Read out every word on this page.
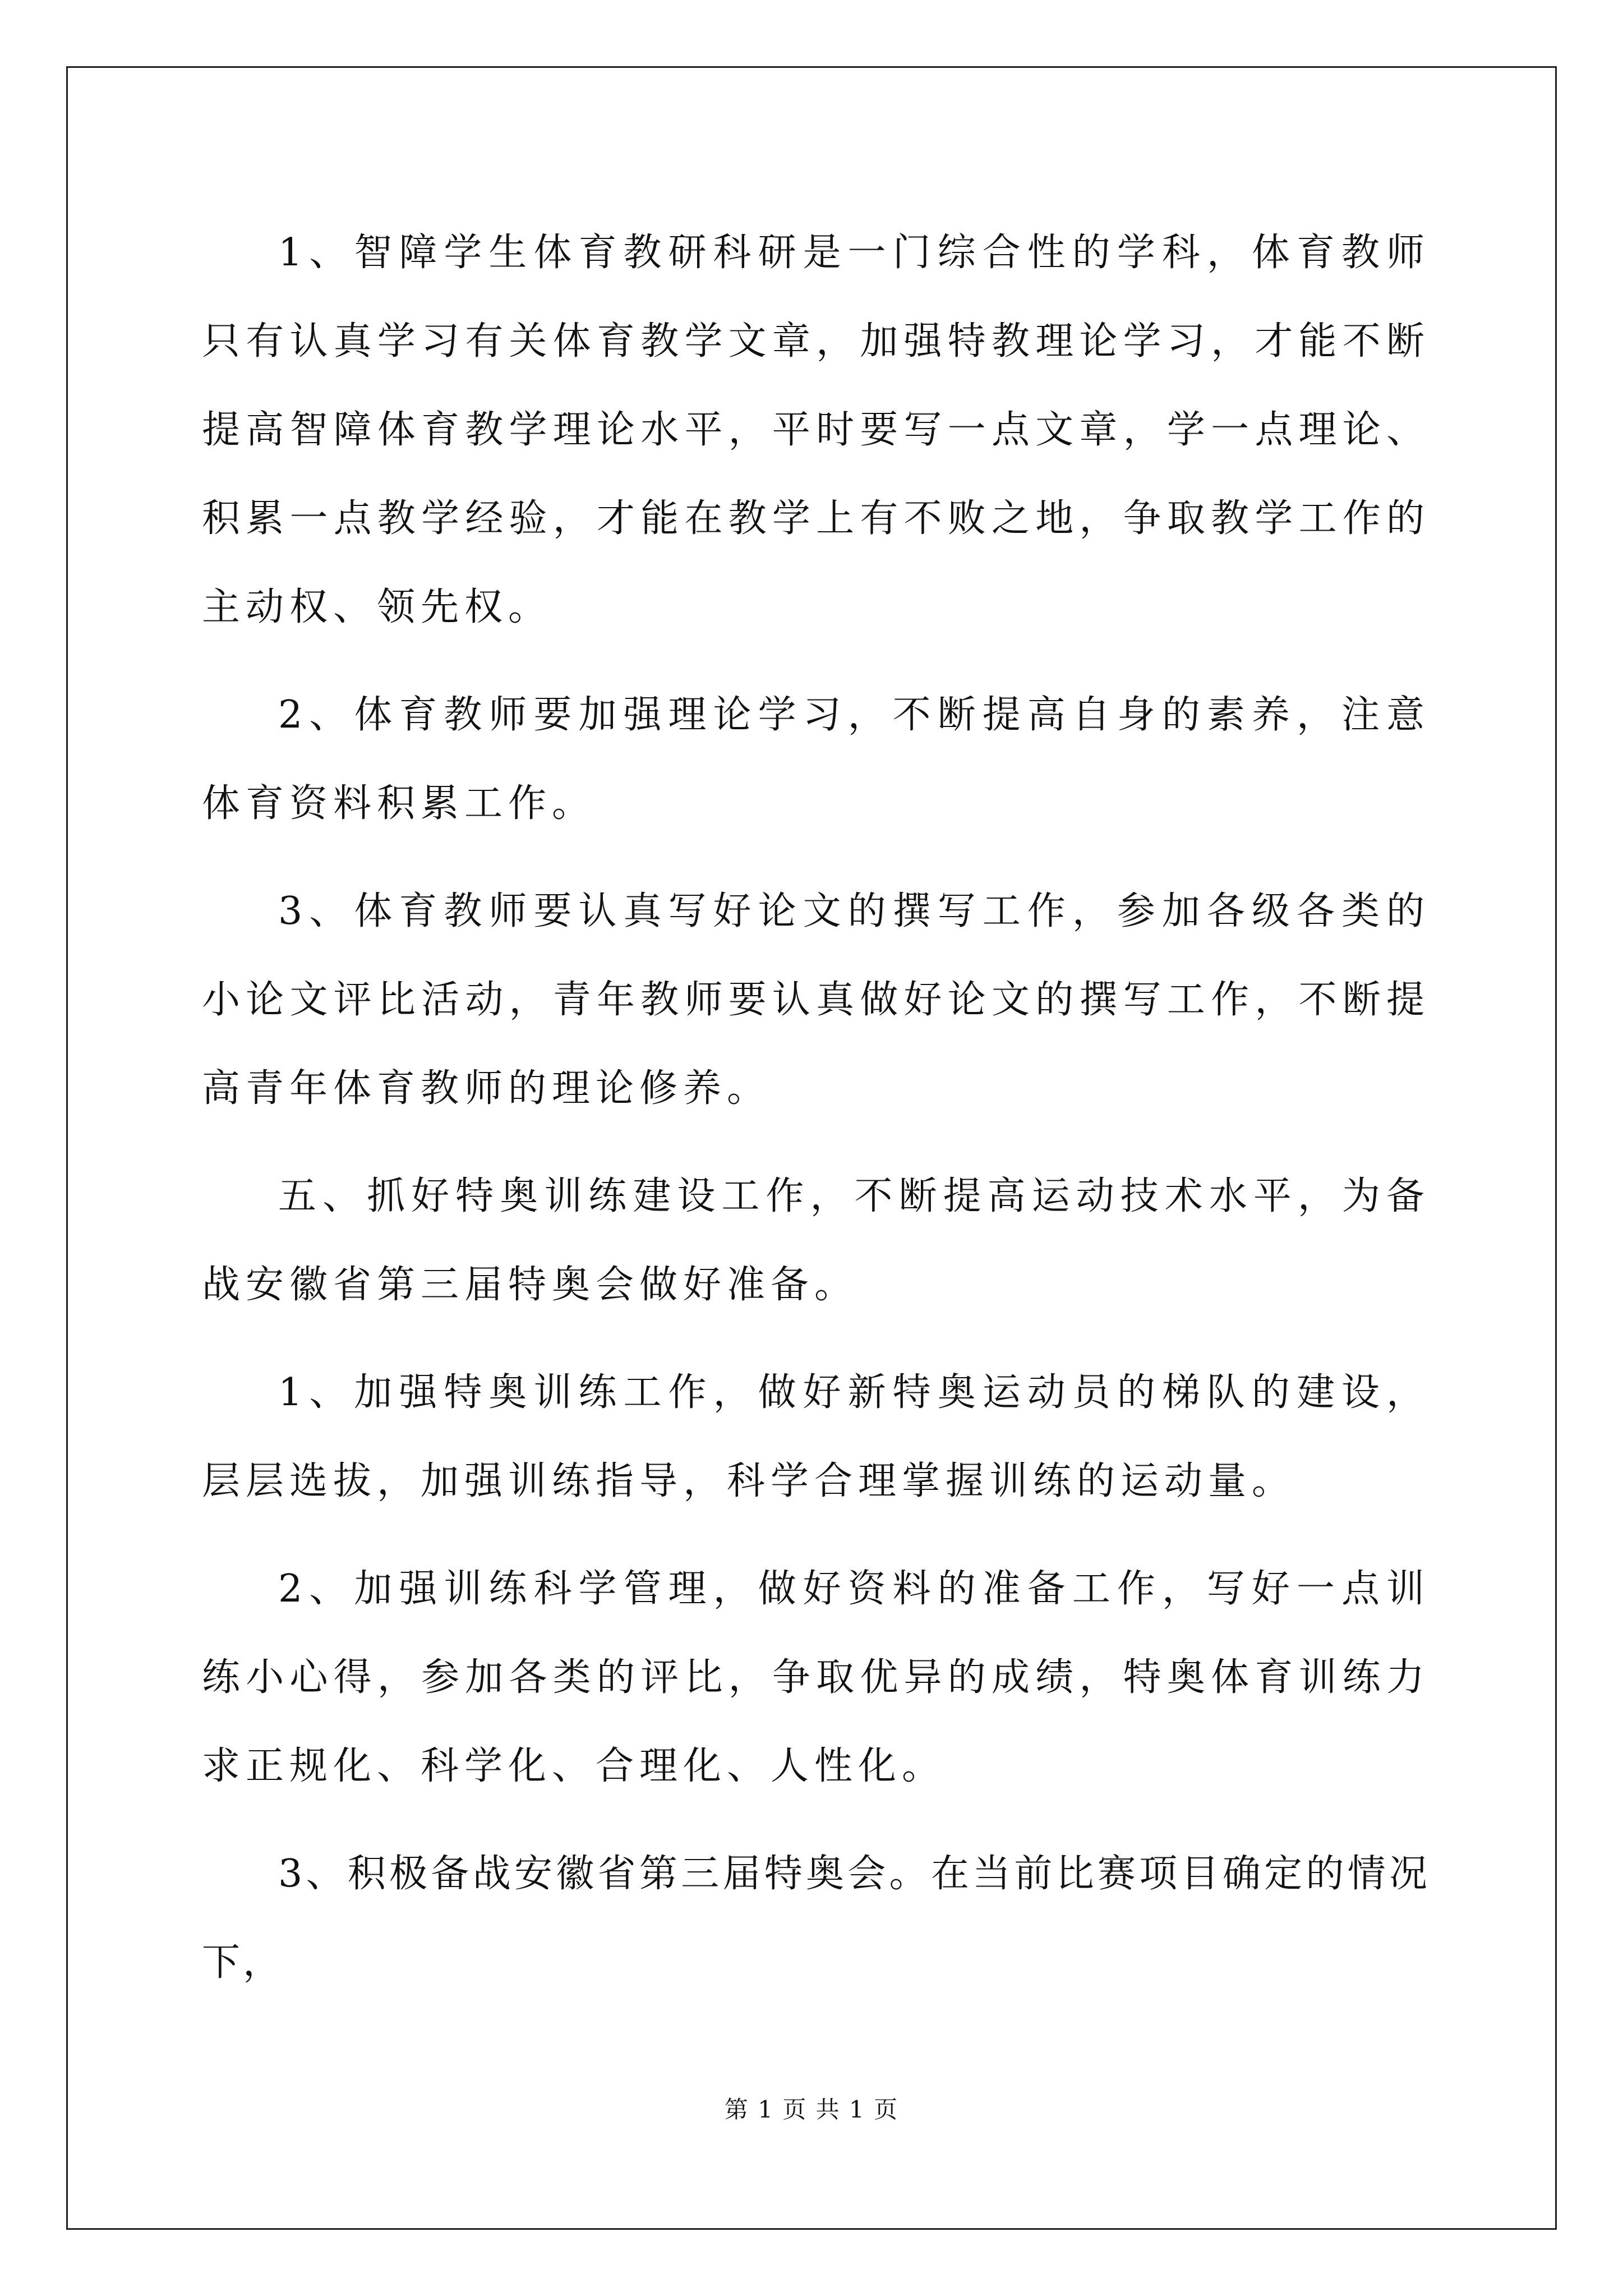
1、智障学生体育教研科研是一门综合性的学科，体育教师只有认真学习有关体育教学文章，加强特教理论学习，才能不断提高智障体育教学理论水平，平时要写一点文章，学一点理论、积累一点教学经验，才能在教学上有不败之地，争取教学工作的主动权、领先权。

2、体育教师要加强理论学习，不断提高自身的素养，注意体育资料积累工作。

3、体育教师要认真写好论文的撰写工作，参加各级各类的小论文评比活动，青年教师要认真做好论文的撰写工作，不断提高青年体育教师的理论修养。

五、抓好特奥训练建设工作，不断提高运动技术水平，为备战安徽省第三届特奥会做好准备。

1、加强特奥训练工作，做好新特奥运动员的梯队的建设，层层选拔，加强训练指导，科学合理掌握训练的运动量。

2、加强训练科学管理，做好资料的准备工作，写好一点训练小心得，参加各类的评比，争取优异的成绩，特奥体育训练力求正规化、科学化、合理化、人性化。

3、积极备战安徽省第三届特奥会。在当前比赛项目确定的情况下，

第 1 页 共 1 页
